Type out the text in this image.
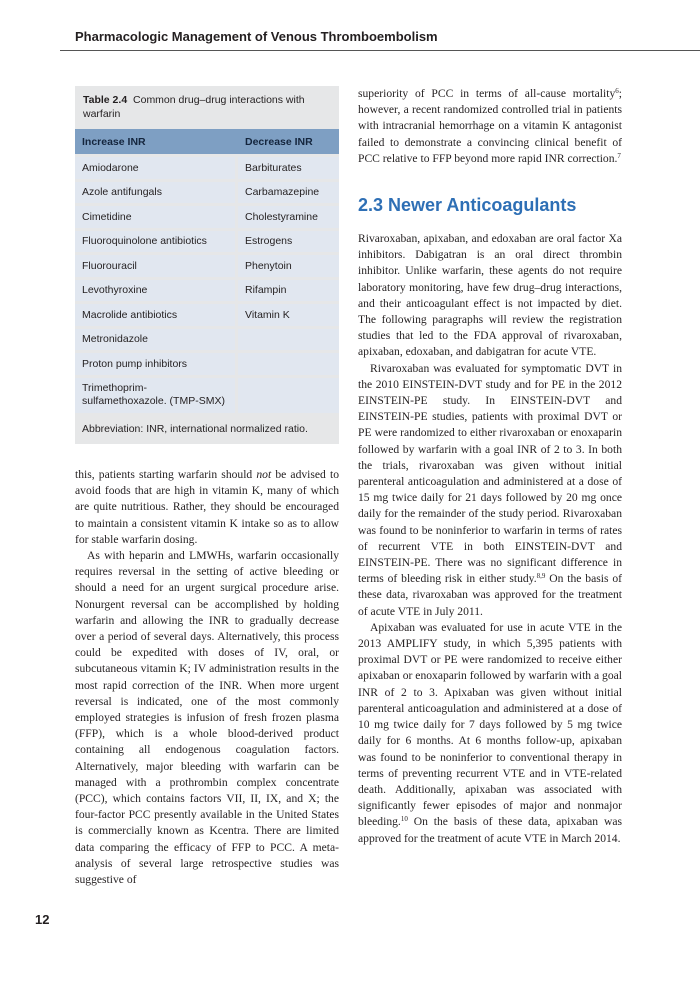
Pharmacologic Management of Venous Thromboembolism
Table 2.4 Common drug–drug interactions with warfarin
Increase INR	Decrease INR
Amiodarone	Barbiturates
Azole antifungals	Carbamazepine
Cimetidine	Cholestyramine
Fluoroquinolone antibiotics	Estrogens
Fluorouracil	Phenytoin
Levothyroxine	Rifampin
Macrolide antibiotics	Vitamin K
Metronidazole
Proton pump inhibitors
Trimethoprim-sulfamethoxazole. (TMP-SMX)
Abbreviation: INR, international normalized ratio.

this, patients starting warfarin should not be advised to avoid foods that are high in vitamin K, many of which are quite nutritious. Rather, they should be encouraged to maintain a consistent vitamin K intake so as to allow for stable warfarin dosing.

As with heparin and LMWHs, warfarin occasionally requires reversal in the setting of active bleeding or should a need for an urgent surgical procedure arise. Nonurgent reversal can be accomplished by holding warfarin and allowing the INR to gradually decrease over a period of several days. Alternatively, this process could be expedited with doses of IV, oral, or subcutaneous vitamin K; IV administration results in the most rapid correction of the INR. When more urgent reversal is indicated, one of the most commonly employed strategies is infusion of fresh frozen plasma (FFP), which is a whole blood-derived product containing all endogenous coagulation factors. Alternatively, major bleeding with warfarin can be managed with a prothrombin complex concentrate (PCC), which contains factors VII, II, IX, and X; the four-factor PCC presently available in the United States is commercially known as Kcentra. There are limited data comparing the efficacy of FFP to PCC. A meta-analysis of several large retrospective studies was suggestive of

superiority of PCC in terms of all-cause mortality$^6$; however, a recent randomized controlled trial in patients with intracranial hemorrhage on a vitamin K antagonist failed to demonstrate a convincing clinical benefit of PCC relative to FFP beyond more rapid INR correction.$^7$

2.3 Newer Anticoagulants

Rivaroxaban, apixaban, and edoxaban are oral factor Xa inhibitors. Dabigatran is an oral direct thrombin inhibitor. Unlike warfarin, these agents do not require laboratory monitoring, have few drug–drug interactions, and their anticoagulant effect is not impacted by diet. The following paragraphs will review the registration studies that led to the FDA approval of rivaroxaban, apixaban, edoxaban, and dabigatran for acute VTE.

Rivaroxaban was evaluated for symptomatic DVT in the 2010 EINSTEIN-DVT study and for PE in the 2012 EINSTEIN-PE study. In EINSTEIN-DVT and EINSTEIN-PE studies, patients with proximal DVT or PE were randomized to either rivaroxaban or enoxaparin followed by warfarin with a goal INR of 2 to 3. In both the trials, rivaroxaban was given without initial parenteral anticoagulation and administered at a dose of 15 mg twice daily for 21 days followed by 20 mg once daily for the remainder of the study period. Rivaroxaban was found to be noninferior to warfarin in terms of rates of recurrent VTE in both EINSTEIN-DVT and EINSTEIN-PE. There was no significant difference in terms of bleeding risk in either study.$^{8,9}$ On the basis of these data, rivaroxaban was approved for the treatment of acute VTE in July 2011.

Apixaban was evaluated for use in acute VTE in the 2013 AMPLIFY study, in which 5,395 patients with proximal DVT or PE were randomized to receive either apixaban or enoxaparin followed by warfarin with a goal INR of 2 to 3. Apixaban was given without initial parenteral anticoagulation and administered at a dose of 10 mg twice daily for 7 days followed by 5 mg twice daily for 6 months. At 6 months follow-up, apixaban was found to be noninferior to conventional therapy in terms of preventing recurrent VTE and in VTE-related death. Additionally, apixaban was associated with significantly fewer episodes of major and nonmajor bleeding.$^{10}$ On the basis of these data, apixaban was approved for the treatment of acute VTE in March 2014.

12
